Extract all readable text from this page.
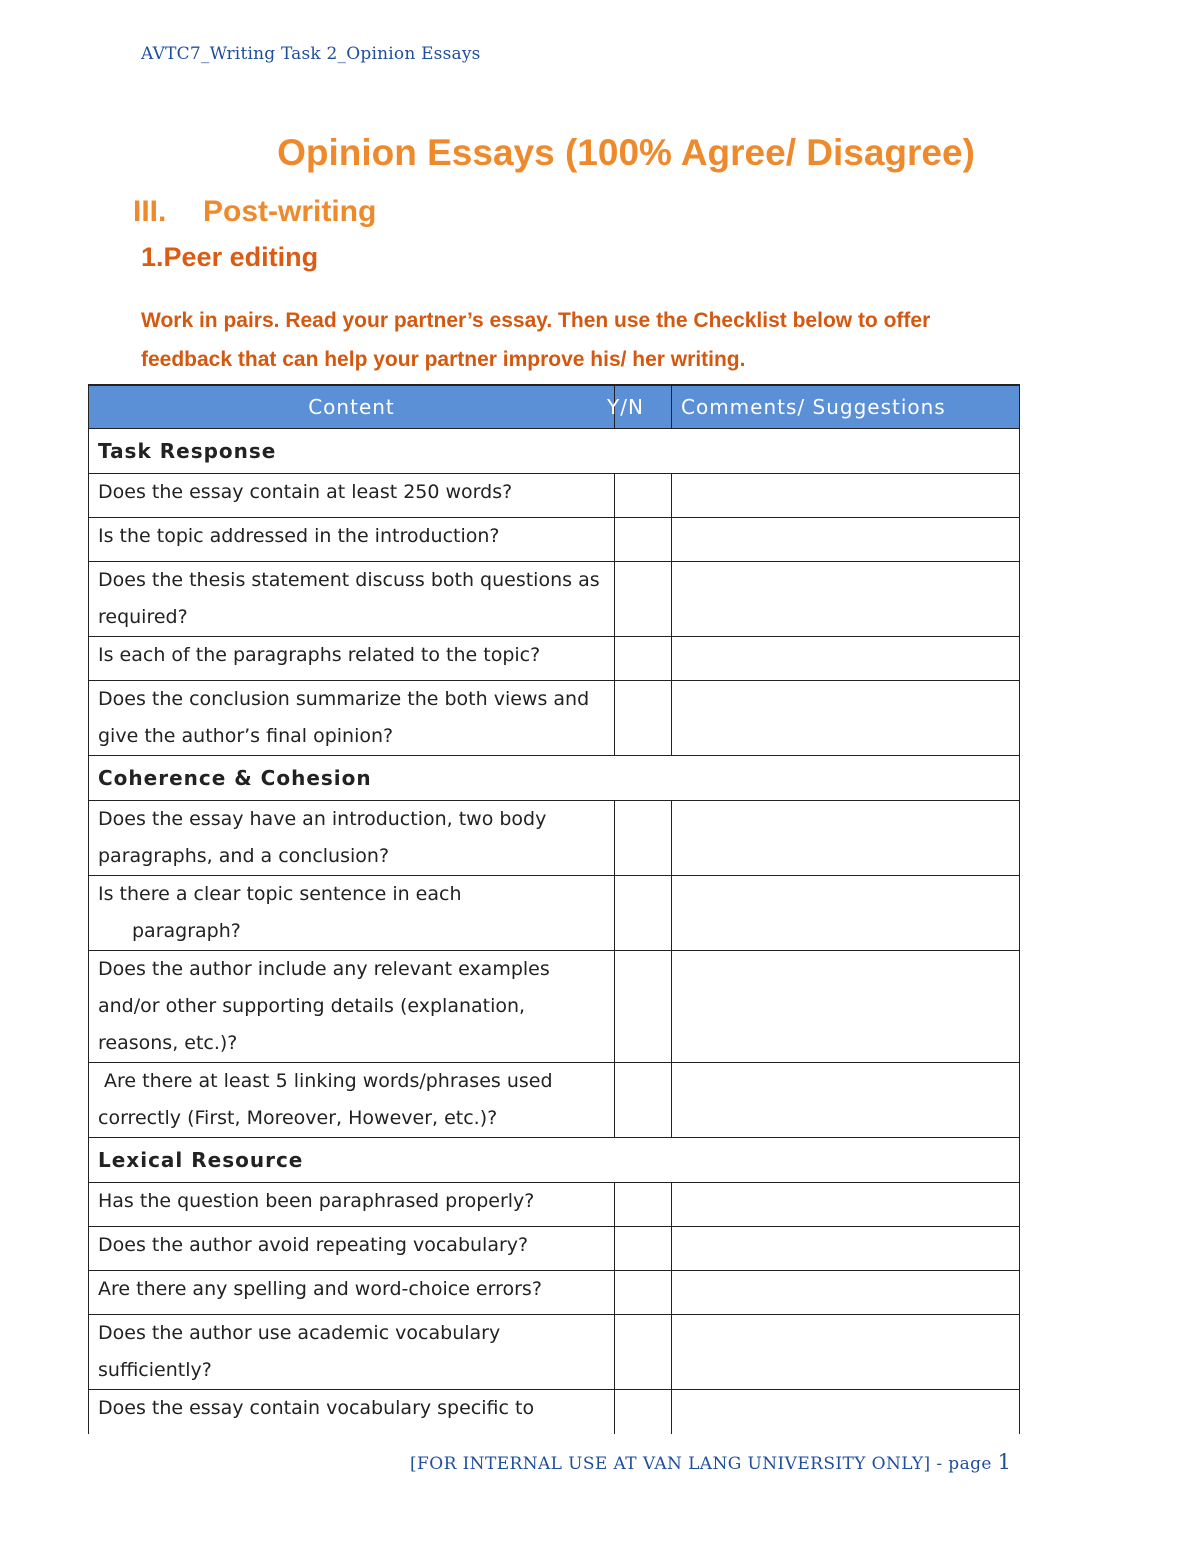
AVTC7_Writing Task 2_Opinion Essays
Opinion Essays (100% Agree/ Disagree)
III. Post-writing
1.Peer editing
Work in pairs. Read your partner’s essay. Then use the Checklist below to offer
feedback that can help your partner improve his/ her writing.
Content	Y/N	Comments/ Suggestions
Task Response		
Does the essay contain at least 250 words?		
Is the topic addressed in the introduction?		
Does the thesis statement discuss both questions as
required?		
Is each of the paragraphs related to the topic?		
Does the conclusion summarize the both views and
give the author’s final opinion?		
Coherence & Cohesion		
Does the essay have an introduction, two body
paragraphs, and a conclusion?		
Is there a clear topic sentence in each
paragraph?		
Does the author include any relevant examples
and/or other supporting details (explanation,
reasons, etc.)?		
Are there at least 5 linking words/phrases used
correctly (First, Moreover, However, etc.)?		
Lexical Resource		
Has the question been paraphrased properly?		
Does the author avoid repeating vocabulary?		
Are there any spelling and word-choice errors?		
Does the author use academic vocabulary
sufficiently?		
Does the essay contain vocabulary specific to		
[FOR INTERNAL USE AT VAN LANG UNIVERSITY ONLY] - page 1
